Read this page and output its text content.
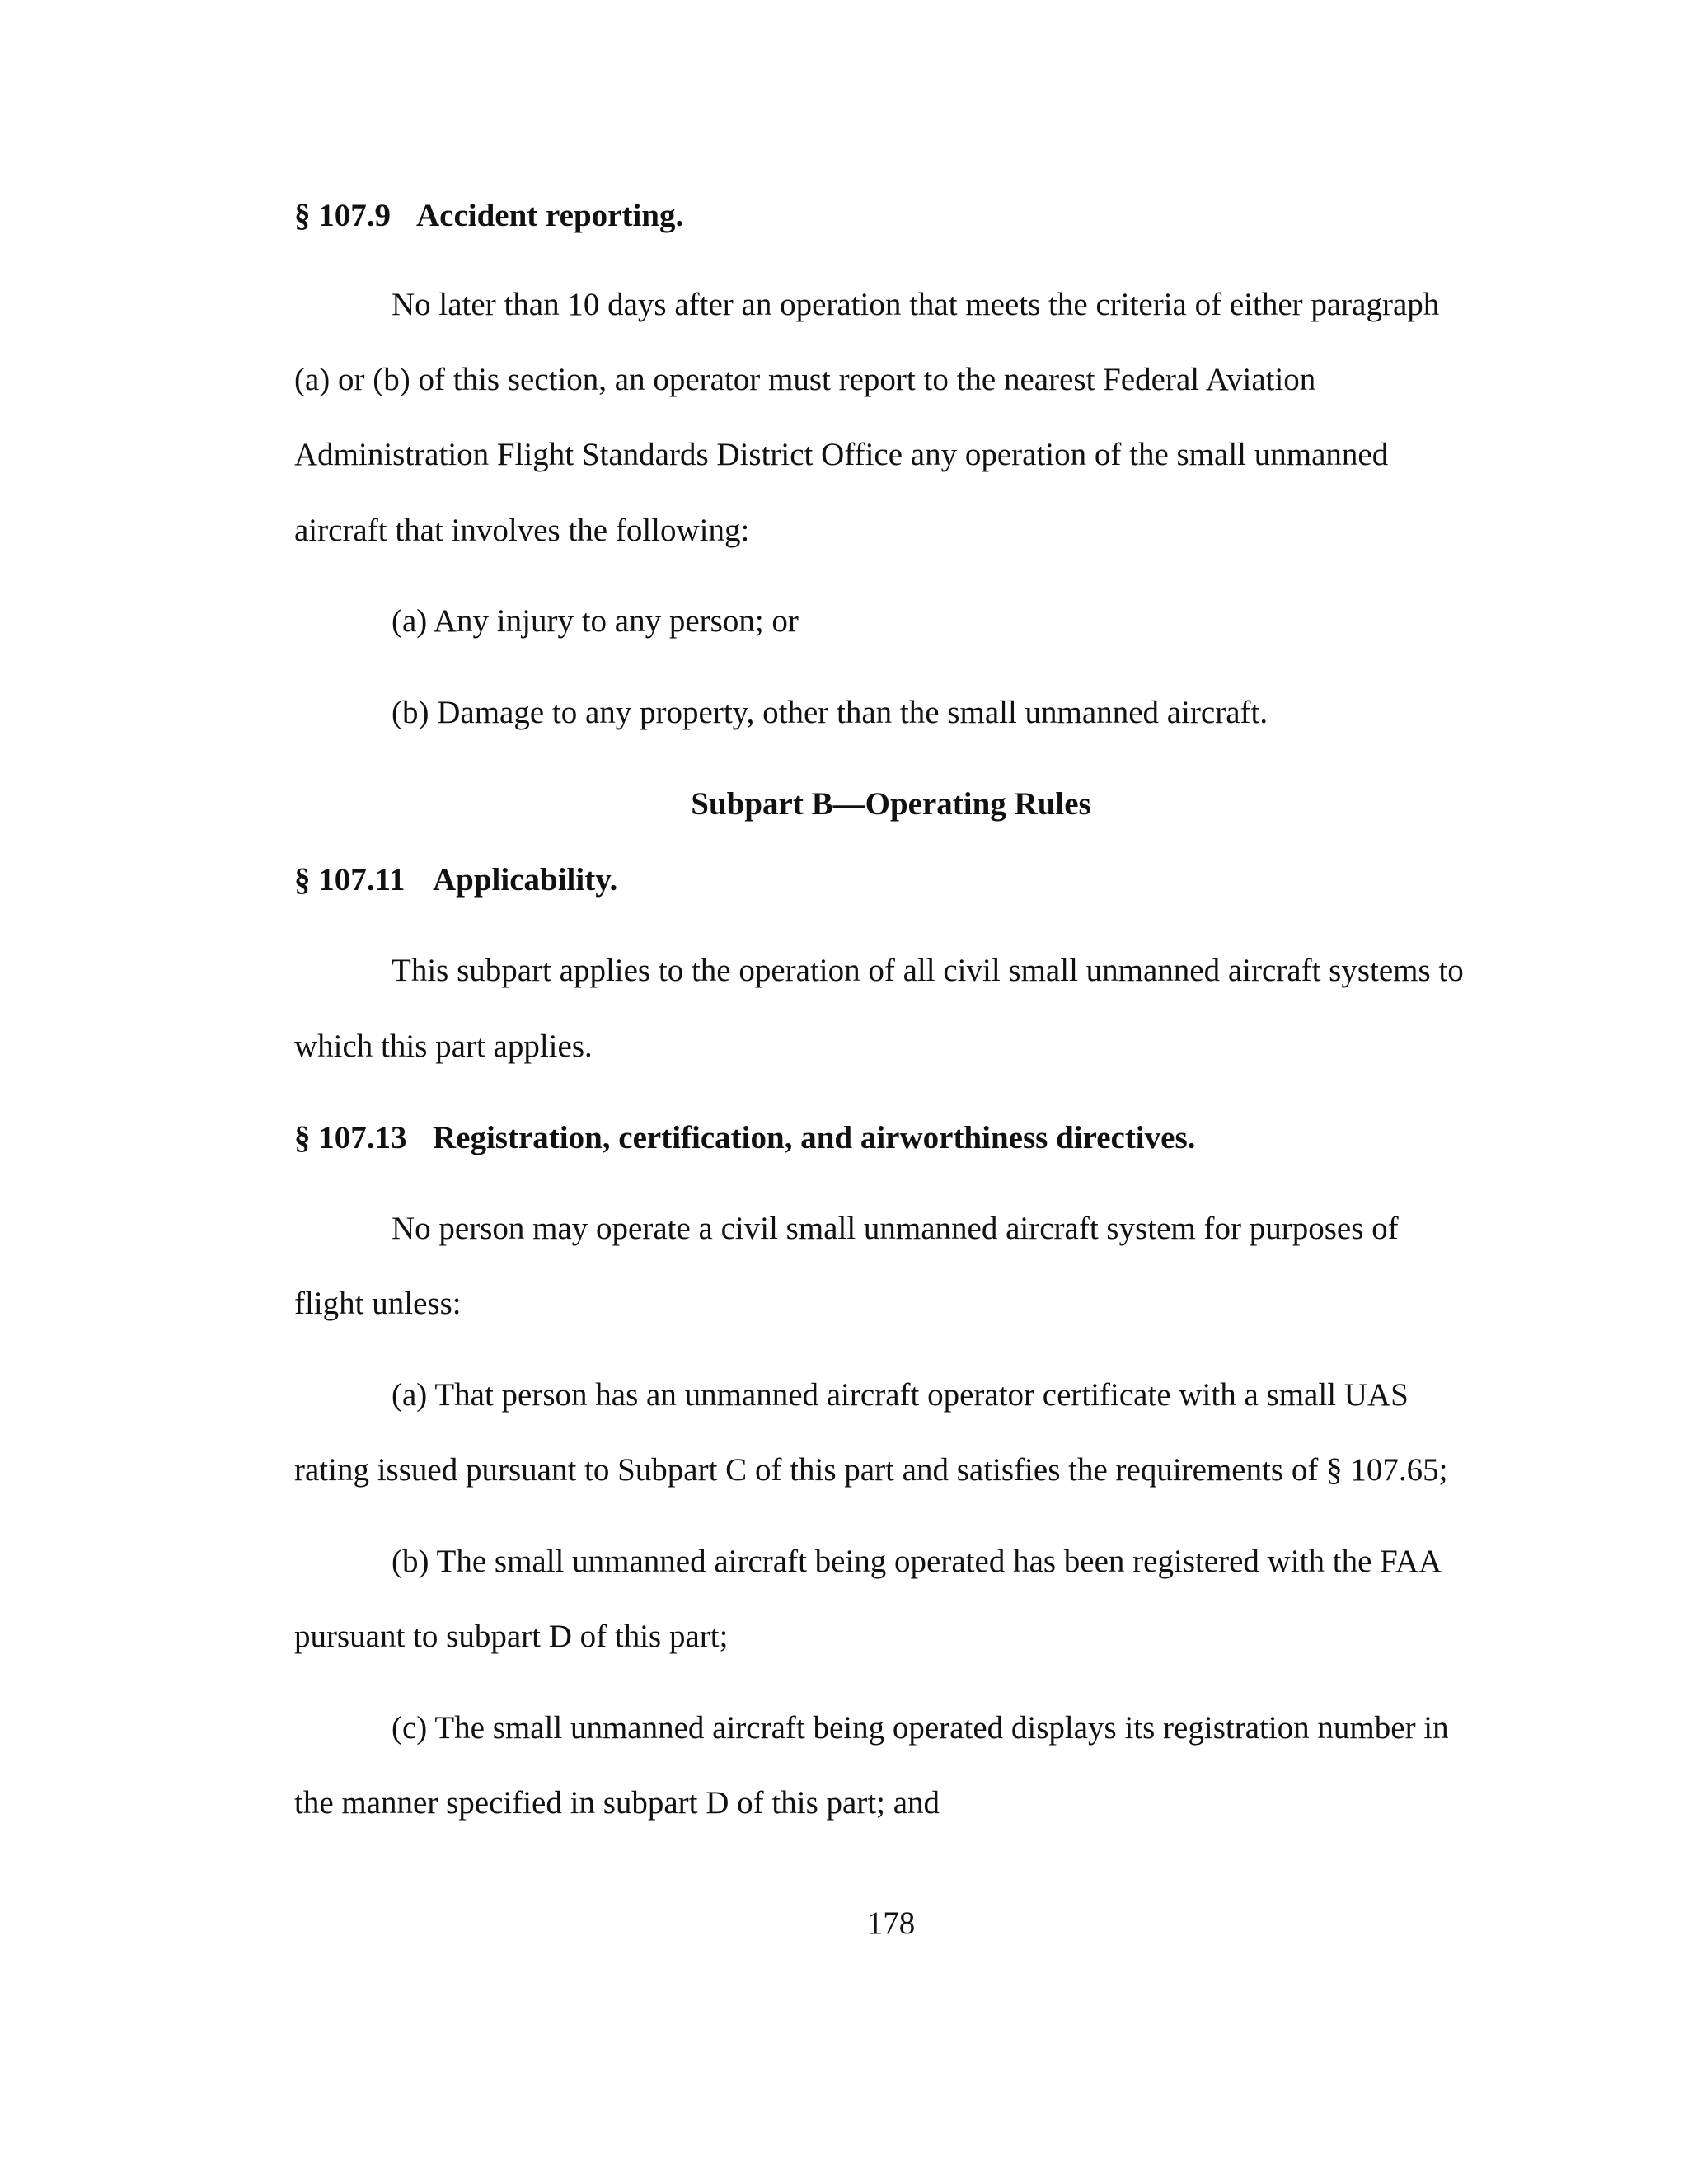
§ 107.9 Accident reporting.
No later than 10 days after an operation that meets the criteria of either paragraph
(a) or (b) of this section, an operator must report to the nearest Federal Aviation
Administration Flight Standards District Office any operation of the small unmanned
aircraft that involves the following:
(a) Any injury to any person; or
(b) Damage to any property, other than the small unmanned aircraft.
Subpart B—Operating Rules
§ 107.11 Applicability.
This subpart applies to the operation of all civil small unmanned aircraft systems to
which this part applies.
§ 107.13 Registration, certification, and airworthiness directives.
No person may operate a civil small unmanned aircraft system for purposes of
flight unless:
(a) That person has an unmanned aircraft operator certificate with a small UAS
rating issued pursuant to Subpart C of this part and satisfies the requirements of § 107.65;
(b) The small unmanned aircraft being operated has been registered with the FAA
pursuant to subpart D of this part;
(c) The small unmanned aircraft being operated displays its registration number in
the manner specified in subpart D of this part; and
178
